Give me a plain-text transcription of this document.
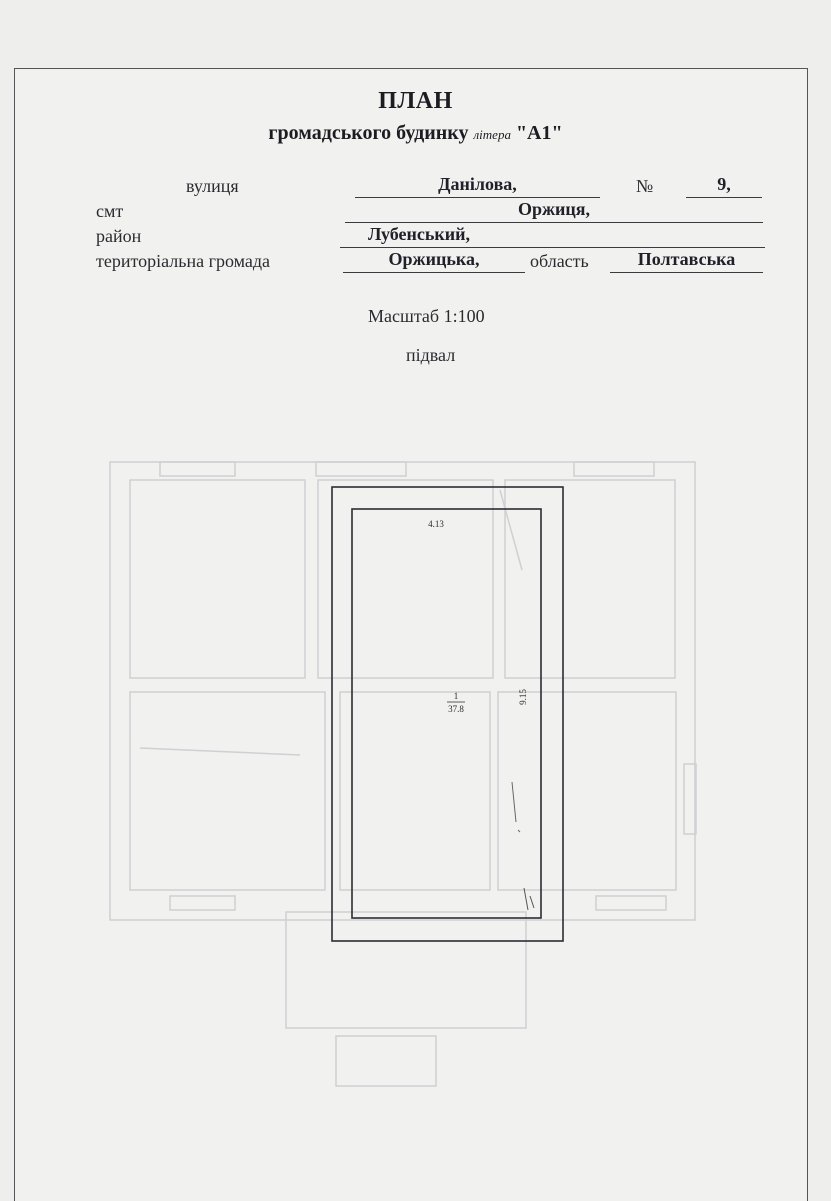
ПЛАН
громадського будинку літера "А1"
вулиця	Данілова,	№	9,
смт	Оржиця,
район	Лубенський,
територіальна громада	Оржицька,	область	Полтавська
Масштаб 1:100
підвал
1
37.8
4.13
9.15
